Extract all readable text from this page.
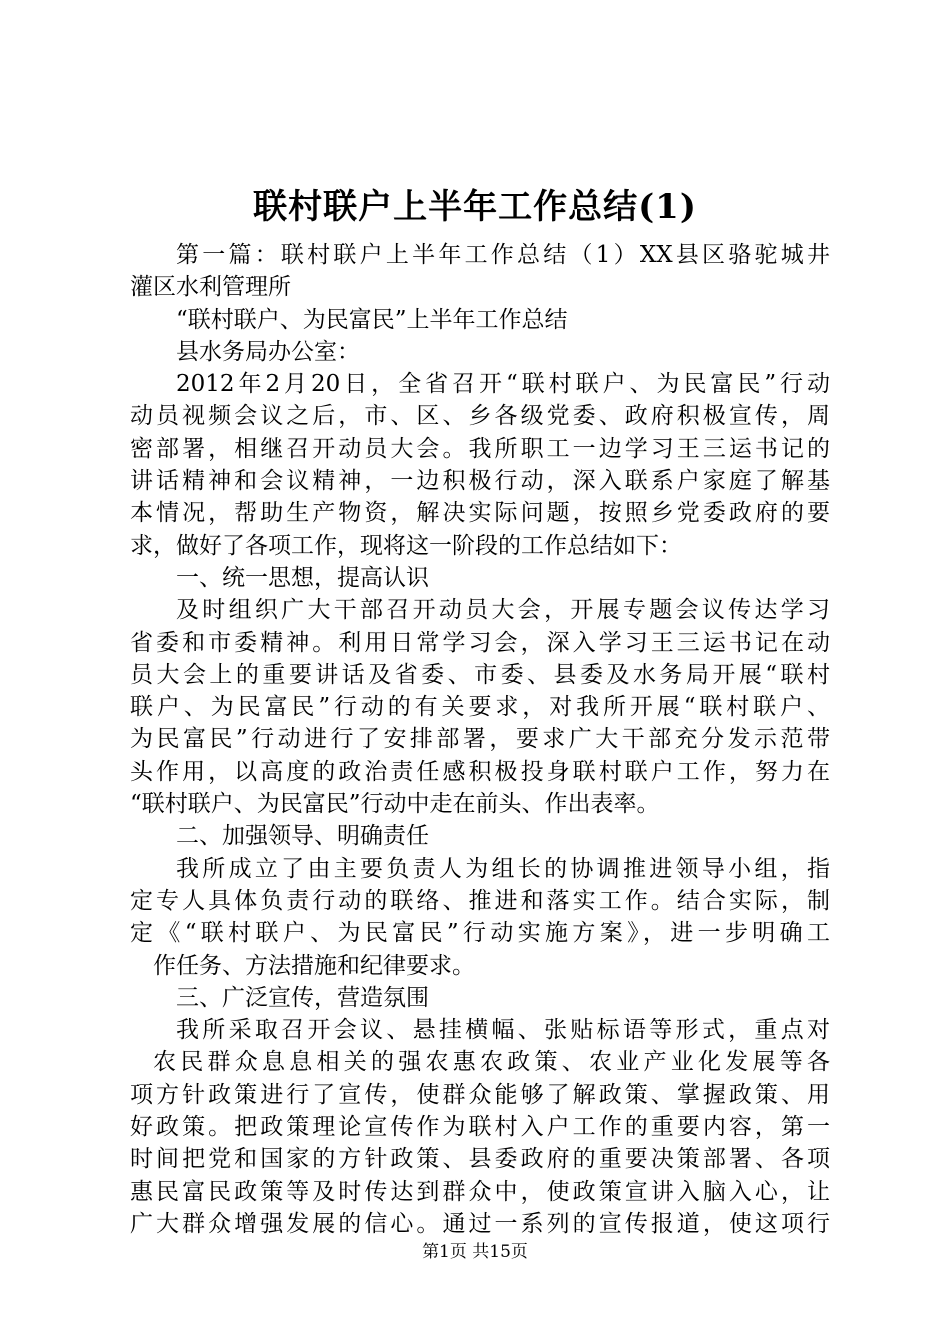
联村联户上半年工作总结(1)
第一篇：联村联户上半年工作总结（1）XX县区骆驼城井
灌区水利管理所
“联村联户、为民富民”上半年工作总结
县水务局办公室：
2012年2月20日，全省召开“联村联户、为民富民”行动
动员视频会议之后，市、区、乡各级党委、政府积极宣传，周
密部署，相继召开动员大会。我所职工一边学习王三运书记的
讲话精神和会议精神，一边积极行动，深入联系户家庭了解基
本情况，帮助生产物资，解决实际问题，按照乡党委政府的要
求，做好了各项工作，现将这一阶段的工作总结如下：
一、统一思想，提高认识
及时组织广大干部召开动员大会，开展专题会议传达学习
省委和市委精神。利用日常学习会，深入学习王三运书记在动
员大会上的重要讲话及省委、市委、县委及水务局开展“联村
联户、为民富民”行动的有关要求，对我所开展“联村联户、
为民富民”行动进行了安排部署，要求广大干部充分发示范带
头作用，以高度的政治责任感积极投身联村联户工作，努力在
“联村联户、为民富民”行动中走在前头、作出表率。
二、加强领导、明确责任
我所成立了由主要负责人为组长的协调推进领导小组，指
定专人具体负责行动的联络、推进和落实工作。结合实际，制
定《“联村联户、为民富民”行动实施方案》，进一步明确工
作任务、方法措施和纪律要求。
三、广泛宣传，营造氛围
我所采取召开会议、悬挂横幅、张贴标语等形式，重点对
农民群众息息相关的强农惠农政策、农业产业化发展等各
项方针政策进行了宣传，使群众能够了解政策、掌握政策、用
好政策。把政策理论宣传作为联村入户工作的重要内容，第一
时间把党和国家的方针政策、县委政府的重要决策部署、各项
惠民富民政策等及时传达到群众中，使政策宣讲入脑入心，让
广大群众增强发展的信心。通过一系列的宣传报道，使这项行
第1页 共15页
